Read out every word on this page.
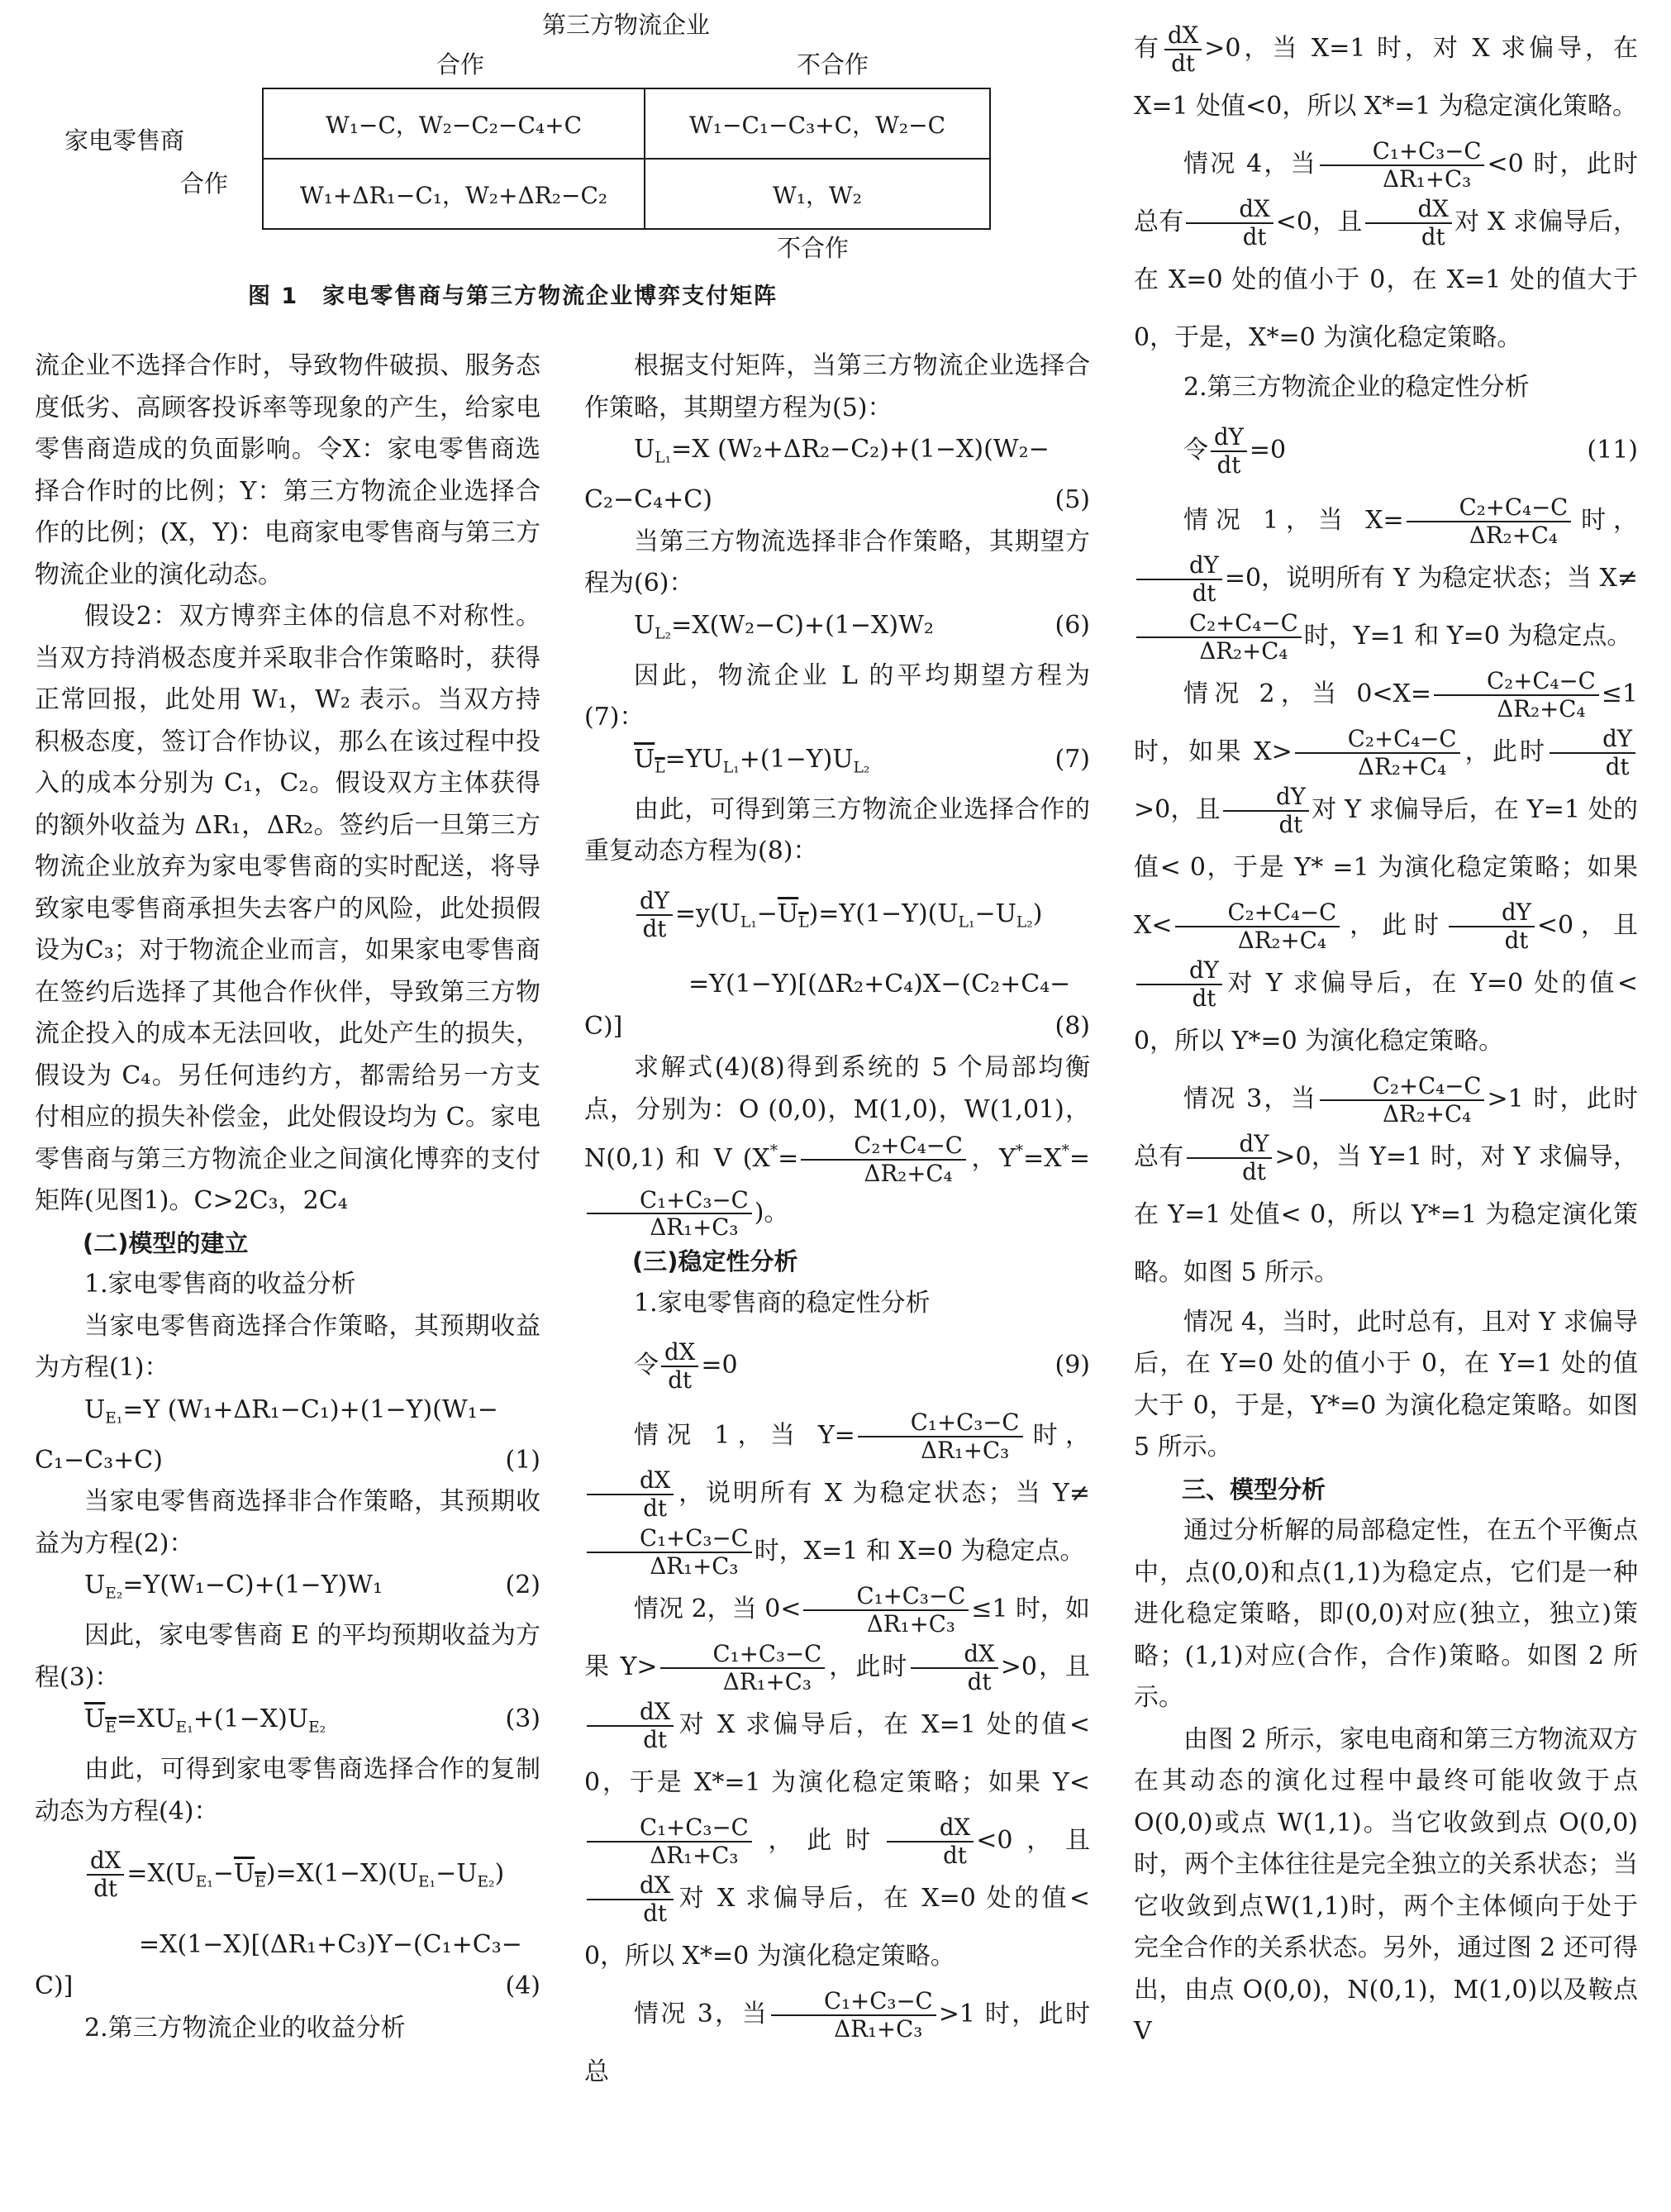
第三方物流企业
合作	不合作
家电零售商
合作
不合作
W₁−C，W₂−C₂−C₄+C	W₁−C₁−C₃+C，W₂−C
W₁+ΔR₁−C₁，W₂+ΔR₂−C₂	W₁，W₂
图 1　家电零售商与第三方物流企业博弈支付矩阵

流企业不选择合作时，导致物件破损、服务态度低劣、高顾客投诉率等现象的产生，给家电零售商造成的负面影响。令X：家电零售商选择合作时的比例；Y：第三方物流企业选择合作的比例；(X，Y)：电商家电零售商与第三方物流企业的演化动态。

假设2：双方博弈主体的信息不对称性。当双方持消极态度并采取非合作策略时，获得正常回报，此处用 W₁，W₂ 表示。当双方持积极态度，签订合作协议，那么在该过程中投入的成本分别为 C₁，C₂。假设双方主体获得的额外收益为 ΔR₁，ΔR₂。签约后一旦第三方物流企业放弃为家电零售商的实时配送，将导致家电零售商承担失去客户的风险，此处损假设为C₃；对于物流企业而言，如果家电零售商在签约后选择了其他合作伙伴，导致第三方物流企投入的成本无法回收，此处产生的损失，假设为 C₄。另任何违约方，都需给另一方支付相应的损失补偿金，此处假设均为 C。家电零售商与第三方物流企业之间演化博弈的支付矩阵(见图1)。C>2C₃，2C₄

(二)模型的建立

1.家电零售商的收益分析

当家电零售商选择合作策略，其预期收益为方程(1)：

$U_{E_1}=Y$ (W₁+ΔR₁−C₁)+(1−Y)(W₁−

C₁−C₃+C)	(1)

当家电零售商选择非合作策略，其预期收益为方程(2)：

$U_{E_2}=Y(W_1-C)+(1-Y)W_1$	(2)

因此，家电零售商 E 的平均预期收益为方程(3)：

$U_E=XU_{E_1}+(1-X)U_{E_2}$	(3)

由此，可得到家电零售商选择合作的复制动态为方程(4)：

$\frac{dX}{dt} =X(U_{E_1}-U_E)=X(1-X)(U_{E_1}-U_{E_2})$

=X(1−X)[(ΔR₁+C₃)Y−(C₁+C₃−

C)]	(4)

2.第三方物流企业的收益分析

根据支付矩阵，当第三方物流企业选择合作策略，其期望方程为(5)：

$U_{L_1}=X$ (W₂+ΔR₂−C₂)+(1−X)(W₂−

C₂−C₄+C)	(5)

当第三方物流选择非合作策略，其期望方程为(6)：

$U_{L_2}=X(W_2-C)+(1-X)W_2$	(6)

因此，物流企业 L 的平均期望方程为(7)：

$U_L=YU_{L_1}+(1-Y)U_{L_2}$	(7)

由此，可得到第三方物流企业选择合作的重复动态方程为(8)：

$\frac{dY}{dt} =y(U_{L_1}-U_L)=Y(1-Y)(U_{L_1}-U_{L_2})$

=Y(1−Y)[(ΔR₂+C₄)X−(C₂+C₄−

C)]	(8)

求解式(4)(8)得到系统的 5 个局部均衡点，分别为：O (0,0)，M(1,0)，W(1,01)，N(0,1) 和 V ($X^*= \frac{\text{C₂+C₄−C}}{\text{ΔR₂+C₄}}$ ，Y*=X*=
$\frac{\text{C₁+C₃−C}}{\text{ΔR₁+C₃}}$ )。

(三)稳定性分析

1.家电零售商的稳定性分析

令 $\frac{dX}{dt} =0$	(9)

情况 1，当 $Y= \frac{\text{C₁+C₃−C}}{\text{ΔR₁+C₃}}$ 时，
$\frac{dX}{dt}$ ，说明所有 X 为稳定状态；当 Y≠
$\frac{\text{C₁+C₃−C}}{\text{ΔR₁+C₃}}$ 时，X=1 和 X=0 为稳定点。

情况 2，当 $0< \frac{\text{C₁+C₃−C}}{\text{ΔR₁+C₃}} \le 1$ 时，如果 $Y> \frac{\text{C₁+C₃−C}}{\text{ΔR₁+C₃}}$ ，此时 $\frac{dX}{dt} >0$，且
$\frac{dX}{dt}$ 对 X 求偏导后，在 X=1 处的值< 0，于是 X*=1 为演化稳定策略；如果 Y<
$\frac{\text{C₁+C₃−C}}{\text{ΔR₁+C₃}}$ ，此时 $\frac{dX}{dt} <0$，且
$\frac{dX}{dt}$ 对 X 求偏导后，在 X=0 处的值< 0，所以 X*=0 为演化稳定策略。

情况 3，当 $\frac{\text{C₁+C₃−C}}{\text{ΔR₁+C₃}} >1$ 时，此时总

有 $\frac{dX}{dt} >0$，当 X=1 时，对 X 求偏导，在 X=1 处值<0，所以 X*=1 为稳定演化策略。

情况 4，当 $\frac{\text{C₁+C₃−C}}{\text{ΔR₁+C₃}} <0$ 时，此时总有 $\frac{dX}{dt} <0$，且 $\frac{dX}{dt}$ 对 X 求偏导后，在 X=0 处的值小于 0，在 X=1 处的值大于 0，于是，X*=0 为演化稳定策略。

2.第三方物流企业的稳定性分析

令 $\frac{dY}{dt} =0$	(11)

情况 1，当 $X= \frac{\text{C₂+C₄−C}}{\text{ΔR₂+C₄}}$ 时，
$\frac{dY}{dt} =0$，说明所有 Y 为稳定状态；当 X≠
$\frac{\text{C₂+C₄−C}}{\text{ΔR₂+C₄}}$ 时，Y=1 和 Y=0 为稳定点。

情况 2，当 $0<X= \frac{\text{C₂+C₄−C}}{\text{ΔR₂+C₄}} \le 1$ 时，如果 $X> \frac{\text{C₂+C₄−C}}{\text{ΔR₂+C₄}}$ ，此时 $\frac{dY}{dt}$
>0，且 $\frac{dY}{dt}$ 对 Y 求偏导后，在 Y=1 处的值< 0，于是 Y* =1 为演化稳定策略；如果 $X< \frac{\text{C₂+C₄−C}}{\text{ΔR₂+C₄}}$ ，此时 $\frac{dY}{dt} <0$，且
$\frac{dY}{dt}$ 对 Y 求偏导后，在 Y=0 处的值< 0，所以 Y*=0 为演化稳定策略。

情况 3，当 $\frac{\text{C₂+C₄−C}}{\text{ΔR₂+C₄}} >1$ 时，此时总有 $\frac{dY}{dt} >0$，当 Y=1 时，对 Y 求偏导，在 Y=1 处值< 0，所以 Y*=1 为稳定演化策略。如图 5 所示。

情况 4，当时，此时总有，且对 Y 求偏导后，在 Y=0 处的值小于 0，在 Y=1 处的值大于 0，于是，Y*=0 为演化稳定策略。如图 5 所示。

三、模型分析

通过分析解的局部稳定性，在五个平衡点中，点(0,0)和点(1,1)为稳定点，它们是一种进化稳定策略，即(0,0)对应(独立，独立)策略；(1,1)对应(合作，合作)策略。如图 2 所示。

由图 2 所示，家电电商和第三方物流双方在其动态的演化过程中最终可能收敛于点 O(0,0)或点 W(1,1)。当它收敛到点 O(0,0)时，两个主体往往是完全独立的关系状态；当它收敛到点W(1,1)时，两个主体倾向于处于完全合作的关系状态。另外，通过图 2 还可得出，由点 O(0,0)，N(0,1)，M(1,0)以及鞍点 V
